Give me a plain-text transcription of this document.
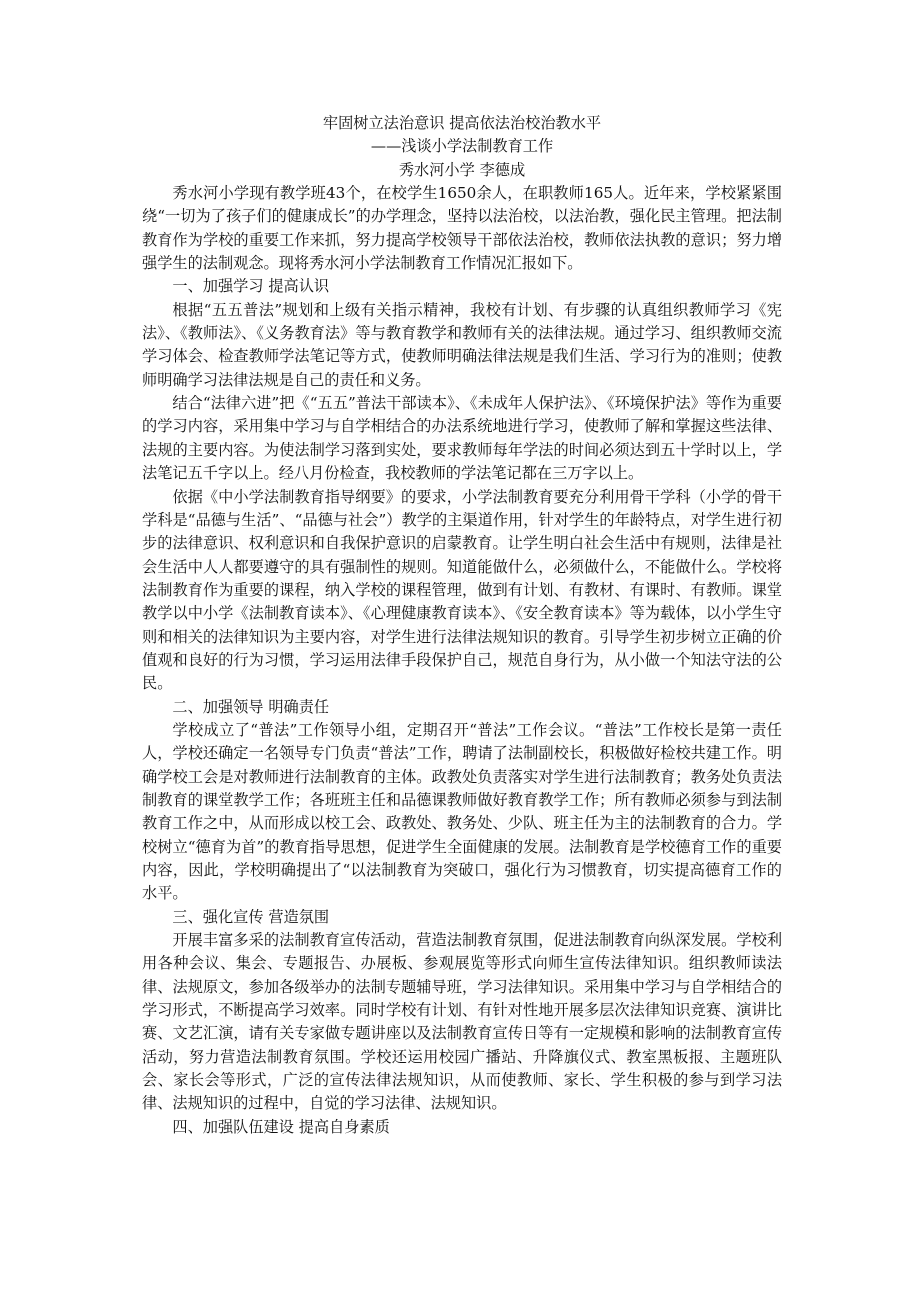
牢固树立法治意识 提高依法治校治教水平

——浅谈小学法制教育工作

秀水河小学 李德成

秀水河小学现有教学班43个，在校学生1650余人，在职教师165人。近年来，学校紧紧围绕“一切为了孩子们的健康成长”的办学理念，坚持以法治校，以法治教，强化民主管理。把法制教育作为学校的重要工作来抓，努力提高学校领导干部依法治校，教师依法执教的意识；努力增强学生的法制观念。现将秀水河小学法制教育工作情况汇报如下。

一、加强学习 提高认识

根据“五五普法”规划和上级有关指示精神，我校有计划、有步骤的认真组织教师学习《宪法》、《教师法》、《义务教育法》等与教育教学和教师有关的法律法规。通过学习、组织教师交流学习体会、检查教师学法笔记等方式，使教师明确法律法规是我们生活、学习行为的准则；使教师明确学习法律法规是自己的责任和义务。

结合“法律六进”把《“五五”普法干部读本》、《未成年人保护法》、《环境保护法》等作为重要的学习内容，采用集中学习与自学相结合的办法系统地进行学习，使教师了解和掌握这些法律、法规的主要内容。为使法制学习落到实处，要求教师每年学法的时间必须达到五十学时以上，学法笔记五千字以上。经八月份检查，我校教师的学法笔记都在三万字以上。

依据《中小学法制教育指导纲要》的要求，小学法制教育要充分利用骨干学科（小学的骨干学科是“品德与生活”、“品德与社会”）教学的主渠道作用，针对学生的年龄特点，对学生进行初步的法律意识、权利意识和自我保护意识的启蒙教育。让学生明白社会生活中有规则，法律是社会生活中人人都要遵守的具有强制性的规则。知道能做什么，必须做什么，不能做什么。学校将法制教育作为重要的课程，纳入学校的课程管理，做到有计划、有教材、有课时、有教师。课堂教学以中小学《法制教育读本》、《心理健康教育读本》、《安全教育读本》等为载体，以小学生守则和相关的法律知识为主要内容，对学生进行法律法规知识的教育。引导学生初步树立正确的价值观和良好的行为习惯，学习运用法律手段保护自己，规范自身行为，从小做一个知法守法的公民。

二、加强领导 明确责任

学校成立了“普法”工作领导小组，定期召开“普法”工作会议。“普法”工作校长是第一责任人，学校还确定一名领导专门负责“普法”工作，聘请了法制副校长，积极做好检校共建工作。明确学校工会是对教师进行法制教育的主体。政教处负责落实对学生进行法制教育；教务处负责法制教育的课堂教学工作；各班班主任和品德课教师做好教育教学工作；所有教师必须参与到法制教育工作之中，从而形成以校工会、政教处、教务处、少队、班主任为主的法制教育的合力。学校树立“德育为首”的教育指导思想，促进学生全面健康的发展。法制教育是学校德育工作的重要内容，因此，学校明确提出了“以法制教育为突破口，强化行为习惯教育，切实提高德育工作的水平。

三、强化宣传 营造氛围

开展丰富多采的法制教育宣传活动，营造法制教育氛围，促进法制教育向纵深发展。学校利用各种会议、集会、专题报告、办展板、参观展览等形式向师生宣传法律知识。组织教师读法律、法规原文，参加各级举办的法制专题辅导班，学习法律知识。采用集中学习与自学相结合的学习形式，不断提高学习效率。同时学校有计划、有针对性地开展多层次法律知识竞赛、演讲比赛、文艺汇演，请有关专家做专题讲座以及法制教育宣传日等有一定规模和影响的法制教育宣传活动，努力营造法制教育氛围。学校还运用校园广播站、升降旗仪式、教室黑板报、主题班队会、家长会等形式，广泛的宣传法律法规知识，从而使教师、家长、学生积极的参与到学习法律、法规知识的过程中，自觉的学习法律、法规知识。

四、加强队伍建设 提高自身素质
